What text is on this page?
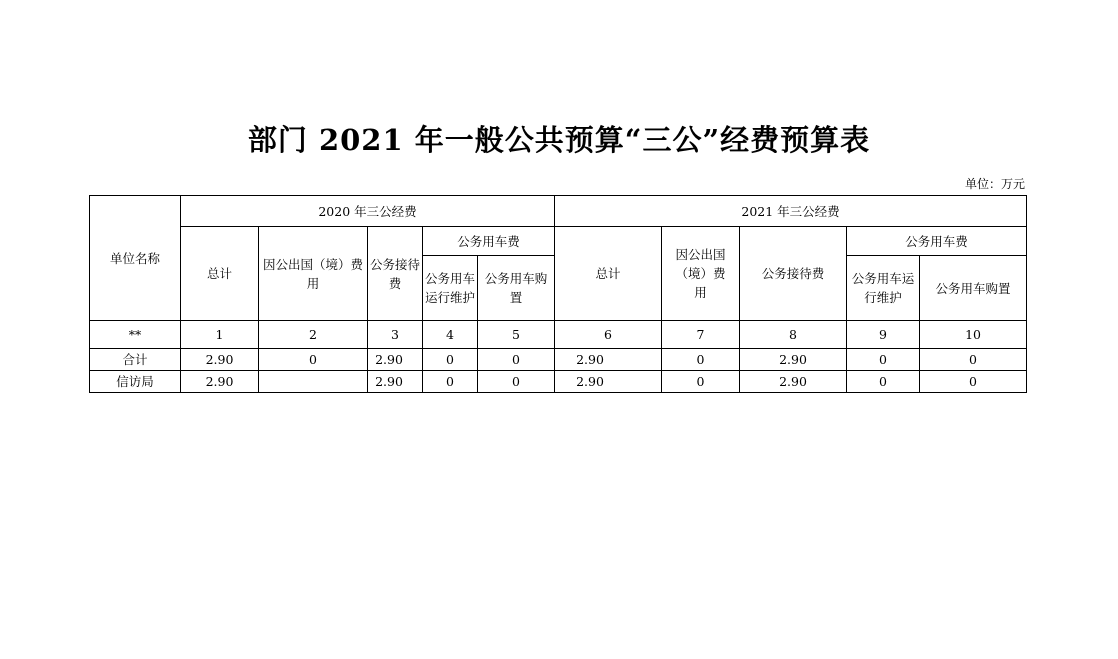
部门 2021 年一般公共预算“三公”经费预算表
单位：万元
单位名称	2020 年三公经费					2021 年三公经费				
	总计	因公出国（境）费用	公务接待费	公务用车费		总计	因公出国（境）费用	公务接待费	公务用车费	
				公务用车运行维护	公务用车购置				公务用车运行维护	公务用车购置
**	1	2	3	4	5	6	7	8	9	10
合计	2.90	0	2.90	0	0	2.90	0	2.90	0	0
信访局	2.90		2.90	0	0	2.90	0	2.90	0	0
